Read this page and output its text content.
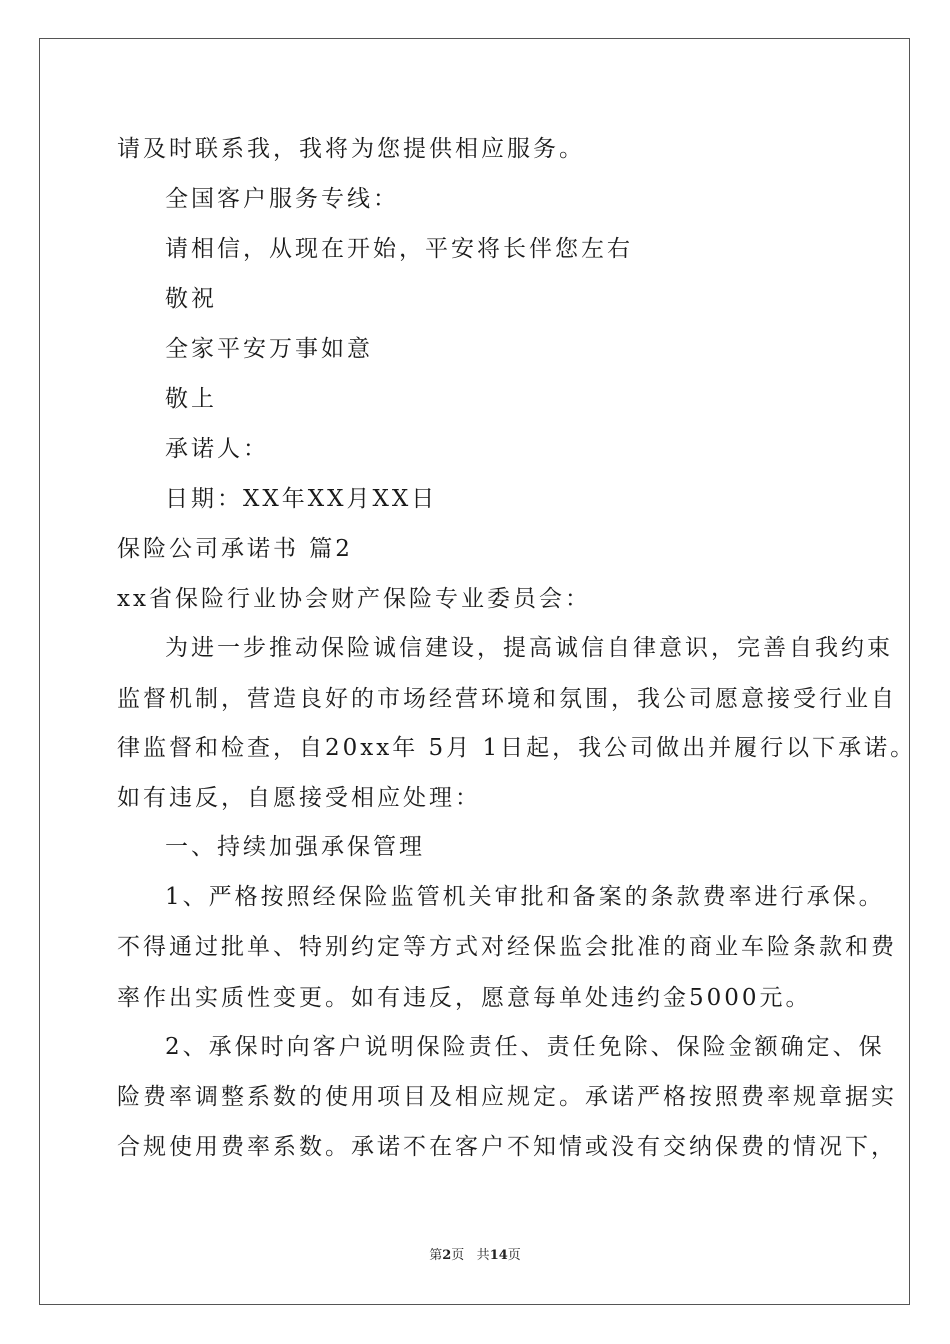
请及时联系我，我将为您提供相应服务。
全国客户服务专线：
请相信，从现在开始，平安将长伴您左右
敬祝
全家平安万事如意
敬上
承诺人：
日期：XX年XX月XX日
保险公司承诺书 篇2
xx省保险行业协会财产保险专业委员会：
为进一步推动保险诚信建设，提高诚信自律意识，完善自我约束
监督机制，营造良好的市场经营环境和氛围，我公司愿意接受行业自
律监督和检查，自20xx年 5月 1日起，我公司做出并履行以下承诺。
如有违反，自愿接受相应处理：
一、持续加强承保管理
1、严格按照经保险监管机关审批和备案的条款费率进行承保。
不得通过批单、特别约定等方式对经保监会批准的商业车险条款和费
率作出实质性变更。如有违反，愿意每单处违约金5000元。
2、承保时向客户说明保险责任、责任免除、保险金额确定、保
险费率调整系数的使用项目及相应规定。承诺严格按照费率规章据实
合规使用费率系数。承诺不在客户不知情或没有交纳保费的情况下，
第2页 共14页
